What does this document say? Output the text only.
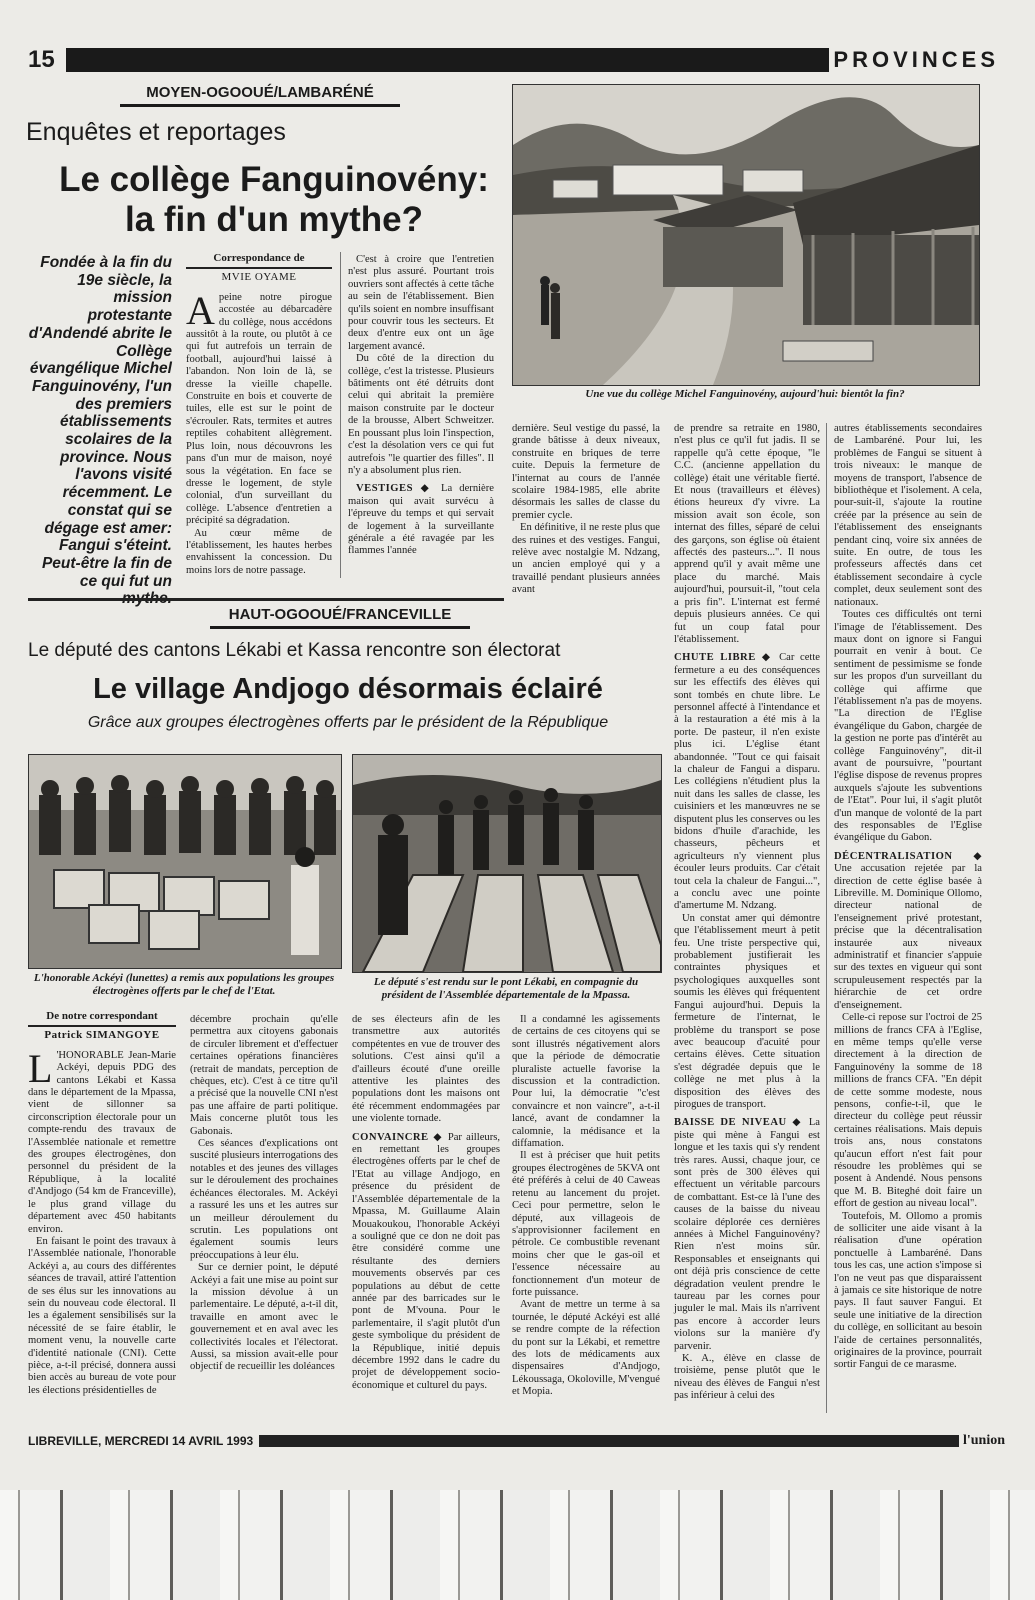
15	PROVINCES
MOYEN-OGOOUÉ/LAMBARÉNÉ
Enquêtes et reportages
Le collège Fanguinovény:
la fin d'un mythe?
Fondée à la fin du 19e siècle, la mission protestante d'Andendé abrite le Collège évangélique Michel Fanguinovény, l'un des premiers établissements scolaires de la province. Nous l'avons visité récemment. Le constat qui se dégage est amer: Fangui s'éteint. Peut-être la fin de ce qui fut un
Correspondance de
MVIE OYAME

Apeine notre pirogue accostée au débarcadère du collège, nous accédons aussitôt à la route, ou plutôt à ce qui fut autrefois un terrain de football, aujourd'hui laissé à l'abandon. Non loin de là, se dresse la vieille chapelle. Construite en bois et couverte de tuiles, elle est sur le point de s'écrouler. Rats, termites et autres reptiles cohabitent allègrement. Plus loin, nous découvrons les pans d'un mur de maison, noyé sous la végétation. En face se dresse le logement, de style colonial, d'un surveillant du collège. L'absence d'entretien a précipité sa dégradation.

Au cœur même de l'établissement, les hautes herbes envahissent la concession. Du moins lors de notre passage.

C'est à croire que l'entretien n'est plus assuré. Pourtant trois ouvriers sont affectés à cette tâche au sein de l'établissement. Bien qu'ils soient en nombre insuffisant pour couvrir tous les secteurs. Et deux d'entre eux ont un âge largement avancé.

Du côté de la direction du collège, c'est la tristesse. Plusieurs bâtiments ont été détruits dont celui qui abritait la première maison construite par le docteur de la brousse, Albert Schweitzer. En poussant plus loin l'inspection, c'est la désolation vers ce qui fut autrefois "le quartier des filles". Il n'y a absolument plus rien.

VESTIGES ◆ La dernière maison qui avait survécu à l'épreuve du temps et qui servait de logement à la surveillante générale a été ravagée par les flammes l'année

Une vue du collège Michel Fanguinovény, aujourd'hui: bientôt la fin?

dernière. Seul vestige du passé, la grande bâtisse à deux niveaux, construite en briques de terre cuite. Depuis la fermeture de l'internat au cours de l'année scolaire 1984-1985, elle abrite désormais les salles de classe du premier cycle.

En définitive, il ne reste plus que des ruines et des vestiges. Fangui, relève avec nostalgie M. Ndzang, un ancien employé qui y a travaillé pendant plusieurs années avant

de prendre sa retraite en 1980, n'est plus ce qu'il fut jadis. Il se rappelle qu'à cette époque, "le C.C. (ancienne appellation du collège) était une véritable fierté. Et nous (travailleurs et élèves) étions heureux d'y vivre. La mission avait son école, son internat des filles, séparé de celui des garçons, son église où étaient affectés des pasteurs...". Il nous apprend qu'il y avait même une place du marché. Mais aujourd'hui, poursuit-il, "tout cela a pris fin". L'internat est fermé depuis plusieurs années. Ce qui fut un coup fatal pour l'établissement.

CHUTE LIBRE ◆ Car cette fermeture a eu des conséquences sur les effectifs des élèves qui sont tombés en chute libre. Le personnel affecté à l'intendance et à la restauration a été mis à la porte. De pasteur, il n'en existe plus ici. L'église étant abandonnée. "Tout ce qui faisait la chaleur de Fangui a disparu. Les collégiens n'étudient plus la nuit dans les salles de classe, les cuisiniers et les manœuvres ne se disputent plus les conserves ou les bidons d'huile d'arachide, les chasseurs, pêcheurs et agriculteurs n'y viennent plus écouler leurs produits. Car c'était tout cela la chaleur de Fangui...", a conclu avec une pointe d'amertume M. Ndzang.

Un constat amer qui démontre que l'établissement meurt à petit feu. Une triste perspective qui, probablement justifierait les contraintes physiques et psychologiques auxquelles sont soumis les élèves qui fréquentent Fangui aujourd'hui. Depuis la fermeture de l'internat, le problème du transport se pose avec beaucoup d'acuité pour certains élèves. Cette situation s'est dégradée depuis que le collège ne met plus à la disposition des élèves des pirogues de transport.

BAISSE DE NIVEAU ◆ La piste qui mène à Fangui est longue et les taxis qui s'y rendent très rares. Aussi, chaque jour, ce sont près de 300 élèves qui effectuent un véritable parcours de combattant. Est-ce là l'une des causes de la baisse du niveau scolaire déplorée ces dernières années à Michel Fanguinovény? Rien n'est moins sûr. Responsables et enseignants qui ont déjà pris conscience de cette dégradation veulent prendre le taureau par les cornes pour juguler le mal. Mais ils n'arrivent pas encore à accorder leurs violons sur la manière d'y parvenir.

K. A., élève en classe de troisième, pense plutôt que le niveau des élèves de Fangui n'est pas inférieur à celui des

autres établissements secondaires de Lambaréné. Pour lui, les problèmes de Fangui se situent à trois niveaux: le manque de moyens de transport, l'absence de bibliothèque et l'isolement. A cela, pour-suit-il, s'ajoute la routine créée par la présence au sein de l'établissement des enseignants pendant cinq, voire six années de suite. En outre, de tous les professeurs affectés dans cet établissement secondaire à cycle complet, deux seulement sont des nationaux.

Toutes ces difficultés ont terni l'image de l'établissement. Des maux dont on ignore si Fangui pourrait en venir à bout. Ce sentiment de pessimisme se fonde sur les propos d'un surveillant du collège qui affirme que l'établissement n'a pas de moyens. "La direction de l'Eglise évangélique du Gabon, chargée de la gestion ne porte pas d'intérêt au collège Fanguinovény", dit-il avant de poursuivre, "pourtant l'église dispose de revenus propres auxquels s'ajoute les subventions de l'Etat". Pour lui, il s'agit plutôt d'un manque de volonté de la part des responsables de l'Eglise évangélique du Gabon.

DÉCENTRALISATION ◆ Une accusation rejetée par la direction de cette église basée à Libreville. M. Dominique Ollomo, directeur national de l'enseignement privé protestant, précise que la décentralisation instaurée aux niveaux administratif et financier s'appuie sur des textes en vigueur qui sont scrupuleusement respectés par la hiérarchie de cet ordre d'enseignement.

Celle-ci repose sur l'octroi de 25 millions de francs CFA à l'Eglise, en même temps qu'elle verse directement à la direction de Fanguinovény la somme de 18 millions de francs CFA. "En dépit de cette somme modeste, nous pensons, confie-t-il, que le directeur du collège peut réussir certaines réalisations. Mais depuis trois ans, nous constatons qu'aucun effort n'est fait pour résoudre les problèmes qui se posent à Andendé. Nous pensons que M. B. Biteghé doit faire un effort de gestion au niveau local".

Toutefois, M. Ollomo a promis de solliciter une aide visant à la réalisation d'une opération ponctuelle à Lambaréné. Dans tous les cas, une action s'impose si l'on ne veut pas que disparaissent à jamais ce site historique de notre pays. Il faut sauver Fangui. Et seule une initiative de la direction du collège, en sollicitant au besoin l'aide de certaines personnalités, originaires de la province, pourrait sortir Fangui de ce marasme.

HAUT-OGOOUÉ/FRANCEVILLE
Le député des cantons Lékabi et Kassa rencontre son électorat
Le village Andjogo désormais éclairé
Grâce aux groupes électrogènes offerts par le président de la République
L'honorable Ackéyi (lunettes) a remis aux populations les groupes électrogènes offerts par le chef de l'Etat.
Le député s'est rendu sur le pont Lékabi, en compagnie du président de l'Assemblée départementale de la Mpassa.
De notre correspondant
Patrick SIMANGOYE

L 'HONORABLE Jean-Marie Ackéyi, depuis PDG des cantons Lékabi et Kassa dans le département de la Mpassa, vient de sillonner sa circonscription électorale pour un compte-rendu des travaux de l'Assemblée nationale et remettre des groupes électrogènes, don personnel du président de la République, à la localité d'Andjogo (54 km de Franceville), le plus grand village du département avec 450 habitants environ.

En faisant le point des travaux à l'Assemblée nationale, l'honorable Ackéyi a, au cours des différentes séances de travail, attiré l'attention de ses élus sur les innovations au sein du nouveau code électoral. Il les a également sensibilisés sur la nécessité de se faire établir, le moment venu, la nouvelle carte d'identité nationale (CNI). Cette pièce, a-t-il précisé, donnera aussi bien accès au bureau de vote pour les élections présidentielles de

décembre prochain qu'elle permettra aux citoyens gabonais de circuler librement et d'effectuer certaines opérations financières (retrait de mandats, perception de chèques, etc). C'est à ce titre qu'il a précisé que la nouvelle CNI n'est pas une affaire de parti politique. Mais concerne plutôt tous les Gabonais.

Ces séances d'explications ont suscité plusieurs interrogations des notables et des jeunes des villages sur le déroulement des prochaines échéances électorales. M. Ackéyi a rassuré les uns et les autres sur un meilleur déroulement du scrutin. Les populations ont également soumis leurs préoccupations à leur élu.

Sur ce dernier point, le député Ackéyi a fait une mise au point sur la mission dévolue à un parlementaire. Le député, a-t-il dit, travaille en amont avec le gouvernement et en aval avec les collectivités locales et l'électorat. Aussi, sa mission avait-elle pour objectif de recueillir les doléances

de ses électeurs afin de les transmettre aux autorités compétentes en vue de trouver des solutions. C'est ainsi qu'il a d'ailleurs écouté d'une oreille attentive les plaintes des populations dont les maisons ont été récemment endommagées par une violente tornade.

CONVAINCRE ◆ Par ailleurs, en remettant les groupes électrogènes offerts par le chef de l'Etat au village Andjogo, en présence du président de l'Assemblée départementale de la Mpassa, M. Guillaume Alain Mouakoukou, l'honorable Ackéyi a souligné que ce don ne doit pas être considéré comme une résultante des derniers mouvements observés par ces populations au début de cette année par des barricades sur le pont de M'vouna. Pour le parlementaire, il s'agit plutôt d'un geste symbolique du président de la République, initié depuis décembre 1992 dans le cadre du projet de développement socio-économique et culturel du pays.

Il a condamné les agissements de certains de ces citoyens qui se sont illustrés négativement alors que la période de démocratie pluraliste actuelle favorise la discussion et la contradiction. Pour lui, la démocratie "c'est convaincre et non vaincre", a-t-il lancé, avant de condamner la calomnie, la médisance et la diffamation.

Il est à préciser que huit petits groupes électrogènes de 5KVA ont été préférés à celui de 40 Caweas retenu au lancement du projet. Ceci pour permettre, selon le député, aux villageois de s'approvisionner facilement en pétrole. Ce combustible revenant moins cher que le gas-oil et l'essence nécessaire au fonctionnement d'un moteur de forte puissance.

Avant de mettre un terme à sa tournée, le député Ackéyi est allé se rendre compte de la réfection du pont sur la Lékabi, et remettre des lots de médicaments aux dispensaires d'Andjogo, Lékoussaga, Okoloville, M'vengué et Mopia.

LIBREVILLE, MERCREDI 14 AVRIL 1993	l'union
